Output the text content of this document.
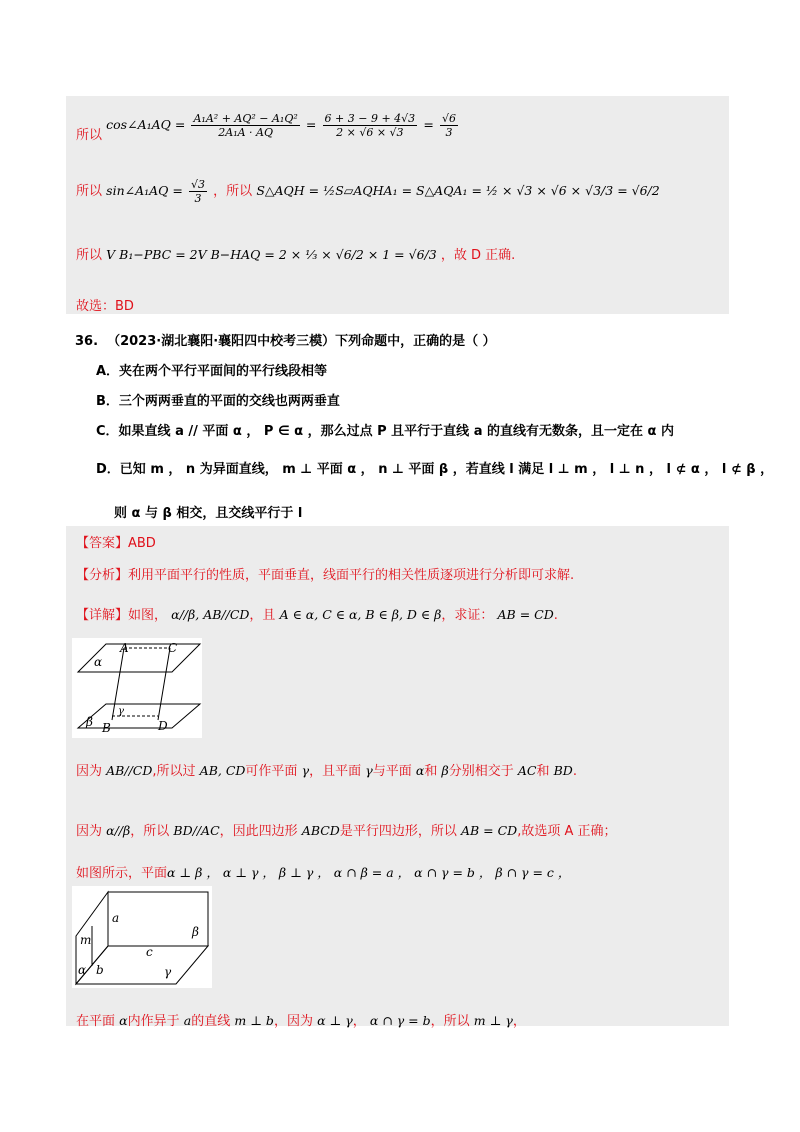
所以 cos∠A₁AQ = $\frac{\text{A₁A² + AQ² − A₁Q²}}{\text{2A₁A · AQ}} = \frac{6 + 3 - 9 + 4√3}{2 \times √6 \times √3} = \frac{√6}{3}$
所以 sin∠A₁AQ = $\frac{√3}{3}$ ，所以 S△AQH = ½S▱AQHA₁ = S△AQA₁ = ½ × √3 × √6 × √3/3 = √6/2
所以 V B₁−PBC = 2V B−HAQ = 2 × ⅓ × √6/2 × 1 = √6/3 ，故 D 正确.
故选：BD
36. （2023·湖北襄阳·襄阳四中校考三模）下列命题中，正确的是（ ）
A．夹在两个平行平面间的平行线段相等
B．三个两两垂直的平面的交线也两两垂直
C．如果直线 a // 平面 α ， P ∈ α ，那么过点 P 且平行于直线 a 的直线有无数条，且一定在 α 内
D．已知 m ， n 为异面直线， m ⊥ 平面 α ， n ⊥ 平面 β ，若直线 l 满足 l ⊥ m ， l ⊥ n ， l ⊄ α ， l ⊄ β ，
则 α 与 β 相交，且交线平行于 l
【答案】ABD
【分析】利用平面平行的性质，平面垂直，线面平行的相关性质逐项进行分析即可求解.
【详解】如图， α//β, AB//CD，且 A ∈ α, C ∈ α, B ∈ β, D ∈ β，求证： AB = CD.
A	C
α
γ
β B	D
因为 AB//CD,所以过 AB, CD可作平面 γ，且平面 γ与平面 α和 β分别相交于 AC和 BD.
因为 α//β，所以 BD//AC，因此四边形 ABCD是平行四边形，所以 AB = CD,故选项 A 正确；
如图所示，平面α ⊥ β ， α ⊥ γ ， β ⊥ γ ， α ∩ β = a ， α ∩ γ = b ， β ∩ γ = c ，
a
m
c
β
α b	γ
在平面 α内作异于 a的直线 m ⊥ b，因为 α ⊥ γ， α ∩ γ = b，所以 m ⊥ γ，
